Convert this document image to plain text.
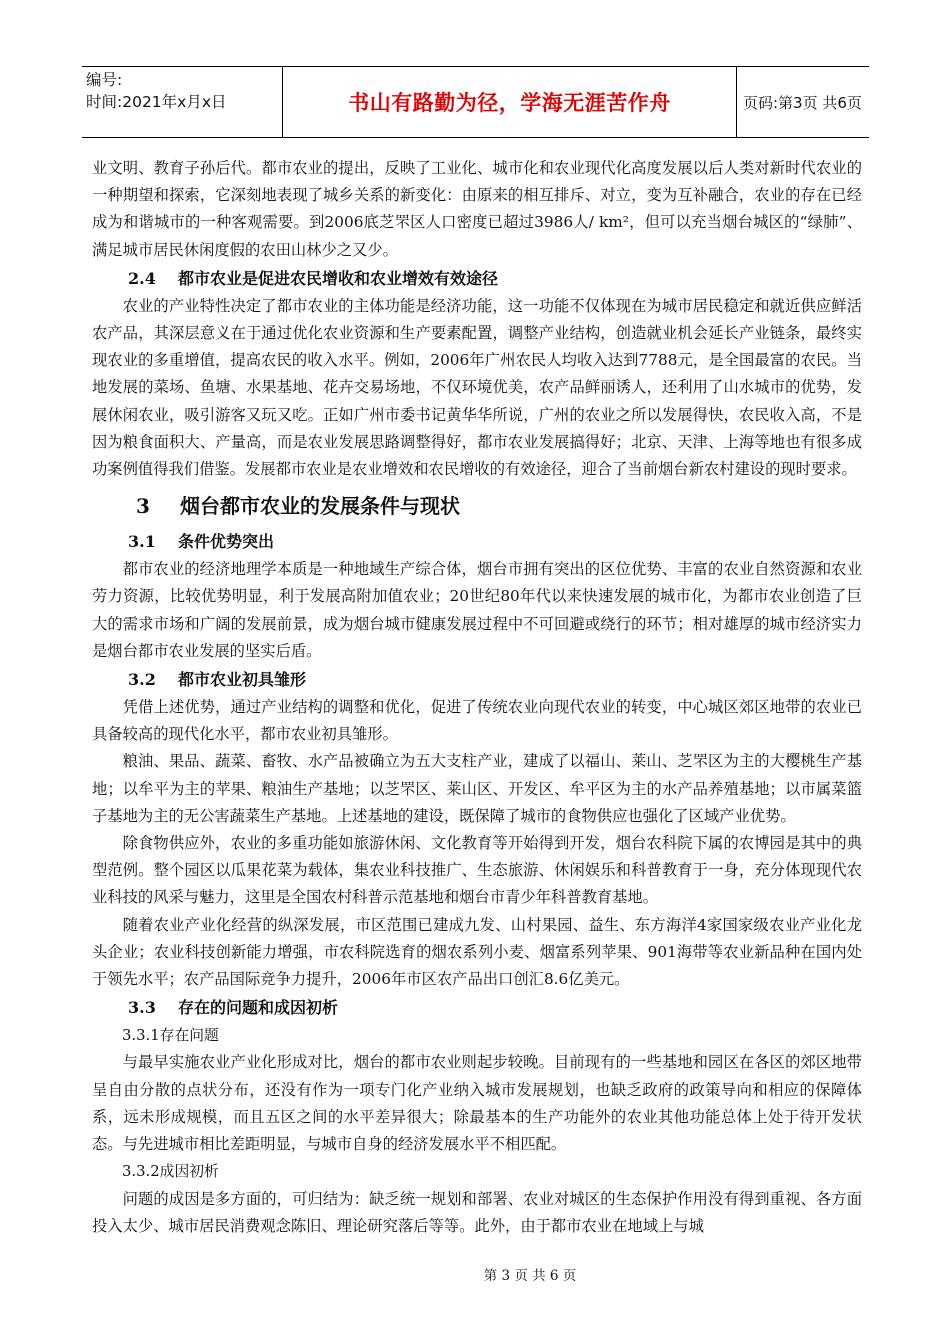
编号:
时间:2021年x月x日	书山有路勤为径，学海无涯苦作舟	页码:第3页 共6页

业文明、教育子孙后代。都市农业的提出，反映了工业化、城市化和农业现代化高度发展以后人类对新时代农业的一种期望和探索，它深刻地表现了城乡关系的新变化：由原来的相互排斥、对立，变为互补融合，农业的存在已经成为和谐城市的一种客观需要。到2006底芝罘区人口密度已超过3986人/ km²，但可以充当烟台城区的“绿肺”、满足城市居民休闲度假的农田山林少之又少。

2.4 都市农业是促进农民增收和农业增效有效途径

农业的产业特性决定了都市农业的主体功能是经济功能，这一功能不仅体现在为城市居民稳定和就近供应鲜活农产品，其深层意义在于通过优化农业资源和生产要素配置，调整产业结构，创造就业机会延长产业链条，最终实现农业的多重增值，提高农民的收入水平。例如，2006年广州农民人均收入达到7788元，是全国最富的农民。当地发展的菜场、鱼塘、水果基地、花卉交易场地，不仅环境优美，农产品鲜丽诱人，还利用了山水城市的优势，发展休闲农业，吸引游客又玩又吃。正如广州市委书记黄华华所说，广州的农业之所以发展得快，农民收入高，不是因为粮食面积大、产量高，而是农业发展思路调整得好，都市农业发展搞得好；北京、天津、上海等地也有很多成功案例值得我们借鉴。发展都市农业是农业增效和农民增收的有效途径，迎合了当前烟台新农村建设的现时要求。

3 烟台都市农业的发展条件与现状
3.1 条件优势突出

都市农业的经济地理学本质是一种地域生产综合体，烟台市拥有突出的区位优势、丰富的农业自然资源和农业劳力资源，比较优势明显，利于发展高附加值农业；20世纪80年代以来快速发展的城市化，为都市农业创造了巨大的需求市场和广阔的发展前景，成为烟台城市健康发展过程中不可回避或绕行的环节；相对雄厚的城市经济实力是烟台都市农业发展的坚实后盾。

3.2 都市农业初具雏形

凭借上述优势，通过产业结构的调整和优化，促进了传统农业向现代农业的转变，中心城区郊区地带的农业已具备较高的现代化水平，都市农业初具雏形。

粮油、果品、蔬菜、畜牧、水产品被确立为五大支柱产业，建成了以福山、莱山、芝罘区为主的大樱桃生产基地；以牟平为主的苹果、粮油生产基地；以芝罘区、莱山区、开发区、牟平区为主的水产品养殖基地；以市属菜篮子基地为主的无公害蔬菜生产基地。上述基地的建设，既保障了城市的食物供应也强化了区域产业优势。

除食物供应外，农业的多重功能如旅游休闲、文化教育等开始得到开发，烟台农科院下属的农博园是其中的典型范例。整个园区以瓜果花菜为载体，集农业科技推广、生态旅游、休闲娱乐和科普教育于一身，充分体现现代农业科技的风采与魅力，这里是全国农村科普示范基地和烟台市青少年科普教育基地。

随着农业产业化经营的纵深发展，市区范围已建成九发、山村果园、益生、东方海洋4家国家级农业产业化龙头企业；农业科技创新能力增强，市农科院选育的烟农系列小麦、烟富系列苹果、901海带等农业新品种在国内处于领先水平；农产品国际竞争力提升，2006年市区农产品出口创汇8.6亿美元。

3.3 存在的问题和成因初析
3.3.1存在问题

与最早实施农业产业化形成对比，烟台的都市农业则起步较晚。目前现有的一些基地和园区在各区的郊区地带呈自由分散的点状分布，还没有作为一项专门化产业纳入城市发展规划，也缺乏政府的政策导向和相应的保障体系，远未形成规模，而且五区之间的水平差异很大；除最基本的生产功能外的农业其他功能总体上处于待开发状态。与先进城市相比差距明显，与城市自身的经济发展水平不相匹配。

3.3.2成因初析

问题的成因是多方面的，可归结为：缺乏统一规划和部署、农业对城区的生态保护作用没有得到重视、各方面投入太少、城市居民消费观念陈旧、理论研究落后等等。此外，由于都市农业在地域上与城

第 3 页 共 6 页
